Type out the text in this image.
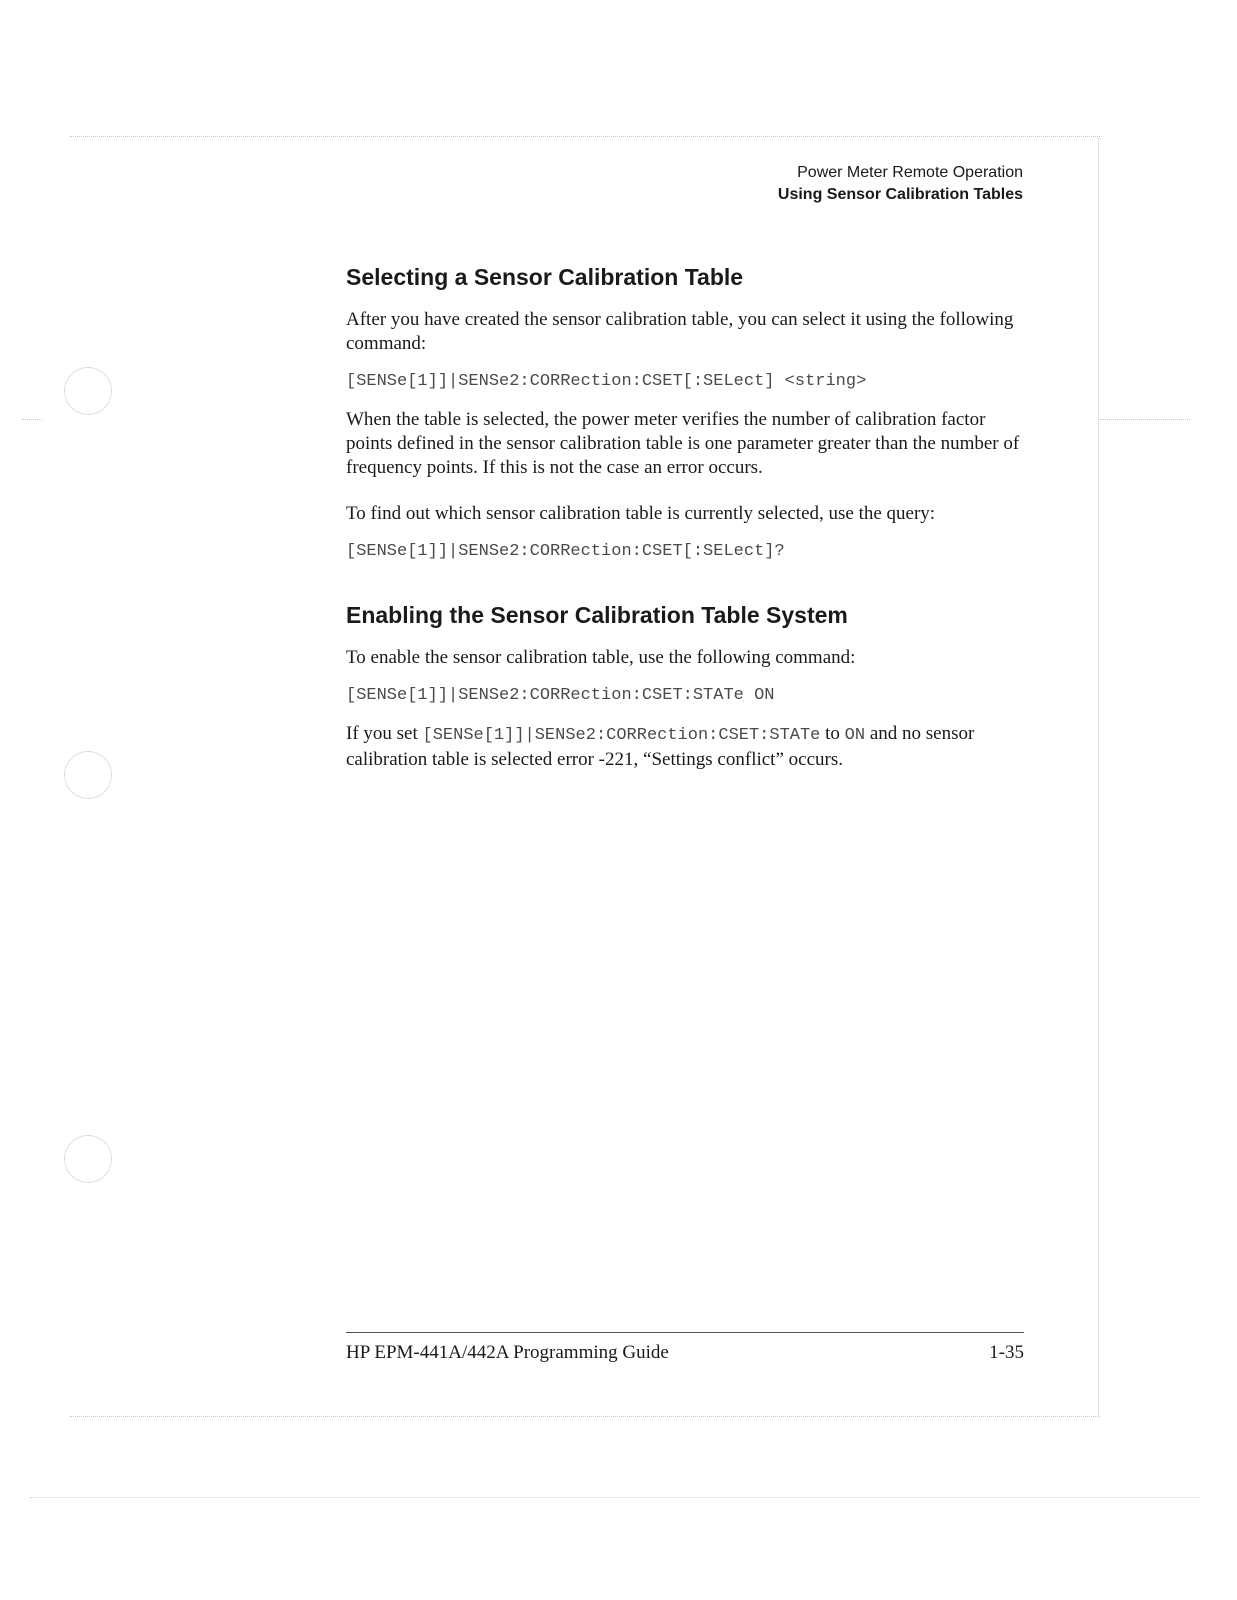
Power Meter Remote Operation
Using Sensor Calibration Tables
Selecting a Sensor Calibration Table

After you have created the sensor calibration table, you can select it using the following command:

[SENSe[1]]|SENSe2:CORRection:CSET[:SELect] <string>

When the table is selected, the power meter verifies the number of calibration factor points defined in the sensor calibration table is one parameter greater than the number of frequency points. If this is not the case an error occurs.

To find out which sensor calibration table is currently selected, use the query:

[SENSe[1]]|SENSe2:CORRection:CSET[:SELect]?
Enabling the Sensor Calibration Table System

To enable the sensor calibration table, use the following command:

[SENSe[1]]|SENSe2:CORRection:CSET:STATe ON

If you set [SENSe[1]]|SENSe2:CORRection:CSET:STATe to ON and no sensor calibration table is selected error -221, “Settings conflict” occurs.

HP EPM-441A/442A Programming Guide	1-35
